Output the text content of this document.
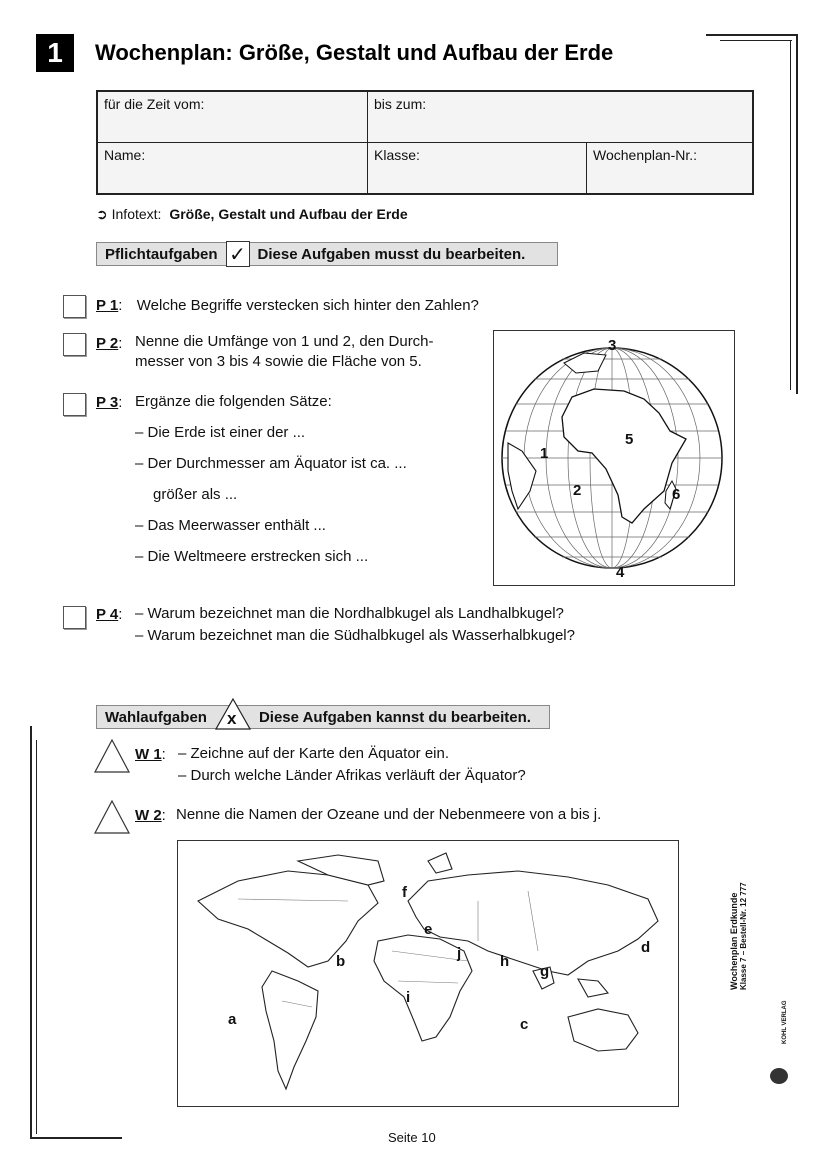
1	Wochenplan: Größe, Gestalt und Aufbau der Erde
für die Zeit vom:	bis zum:
Name:	Klasse:	Wochenplan-Nr.:
➲ Infotext: Größe, Gestalt und Aufbau der Erde
Pflichtaufgaben ✓ Diese Aufgaben musst du bearbeiten.
P 1:  Welche Begriffe verstecken sich hinter den Zahlen?
P 2: Nenne die Umfänge von 1 und 2, den Durch-
messer von 3 bis 4 sowie die Fläche von 5.
P 3: Ergänze die folgenden Sätze:
– Die Erde ist einer der ...
– Der Durchmesser am Äquator ist ca. ...
größer als ...
– Das Meerwasser enthält ...
– Die Weltmeere erstrecken sich ...
3
1
5
2	6
4
P 4: – Warum bezeichnet man die Nordhalbkugel als Landhalbkugel?
– Warum bezeichnet man die Südhalbkugel als Wasserhalbkugel?
Wahlaufgaben	x	Diese Aufgaben kannst du bearbeiten.
W 1: – Zeichne auf der Karte den Äquator ein.
– Durch welche Länder Afrikas verläuft der Äquator?
W 2: Nenne die Namen der Ozeane und der Nebenmeere von a bis j.
a
b
c
d
e
f
g
h
i
j	Wochenplan Erdkunde Klasse 7 – Bestell-Nr. 12 777
KOHL VERLAG
Seite 10
